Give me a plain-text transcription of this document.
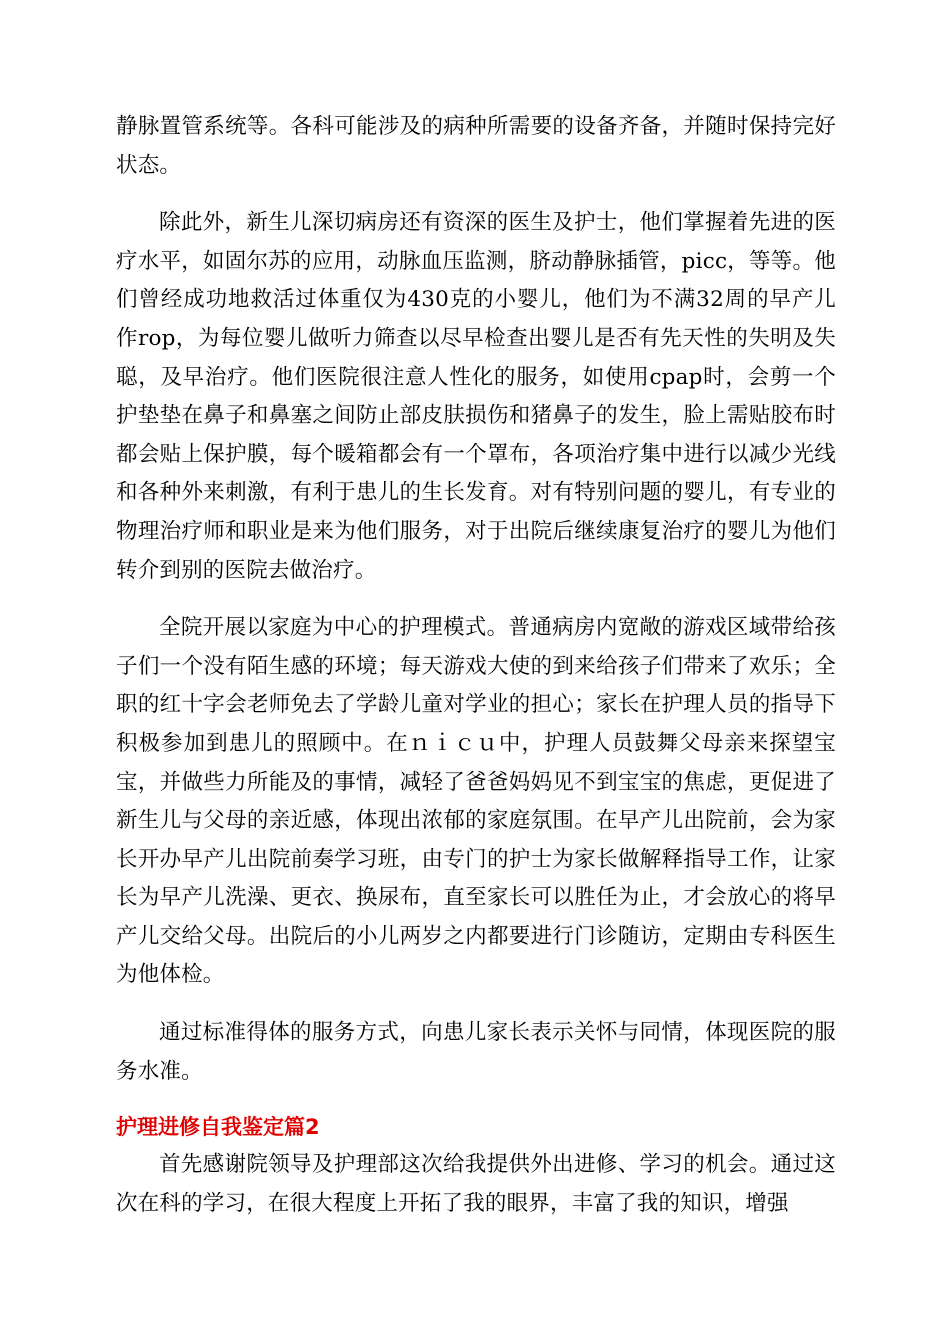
静脉置管系统等。各科可能涉及的病种所需要的设备齐备，并随时保持完好状态。

除此外，新生儿深切病房还有资深的医生及护士，他们掌握着先进的医疗水平，如固尔苏的应用，动脉血压监测，脐动静脉插管，picc，等等。他们曾经成功地救活过体重仅为430克的小婴儿，他们为不满32周的早产儿作rop，为每位婴儿做听力筛查以尽早检查出婴儿是否有先天性的失明及失聪，及早治疗。他们医院很注意人性化的服务，如使用cpap时，会剪一个护垫垫在鼻子和鼻塞之间防止部皮肤损伤和猪鼻子的发生，脸上需贴胶布时都会贴上保护膜，每个暖箱都会有一个罩布，各项治疗集中进行以减少光线和各种外来刺激，有利于患儿的生长发育。对有特别问题的婴儿，有专业的物理治疗师和职业是来为他们服务，对于出院后继续康复治疗的婴儿为他们转介到别的医院去做治疗。

全院开展以家庭为中心的护理模式。普通病房内宽敞的游戏区域带给孩子们一个没有陌生感的环境；每天游戏大使的到来给孩子们带来了欢乐；全职的红十字会老师免去了学龄儿童对学业的担心；家长在护理人员的指导下积极参加到患儿的照顾中。在ｎｉｃｕ中，护理人员鼓舞父母亲来探望宝宝，并做些力所能及的事情，减轻了爸爸妈妈见不到宝宝的焦虑，更促进了新生儿与父母的亲近感，体现出浓郁的家庭氛围。在早产儿出院前，会为家长开办早产儿出院前奏学习班，由专门的护士为家长做解释指导工作，让家长为早产儿洗澡、更衣、换尿布，直至家长可以胜任为止，才会放心的将早产儿交给父母。出院后的小儿两岁之内都要进行门诊随访，定期由专科医生为他体检。

通过标准得体的服务方式，向患儿家长表示关怀与同情，体现医院的服务水准。

护理进修自我鉴定篇2

首先感谢院领导及护理部这次给我提供外出进修、学习的机会。通过这次在科的学习，在很大程度上开拓了我的眼界，丰富了我的知识，增强
